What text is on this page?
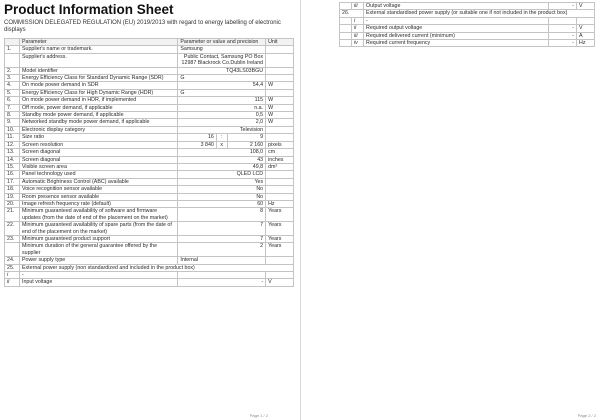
Product Information Sheet
COMMISSION DELEGATED REGULATION (EU) 2019/2013 with regard to energy labelling of electronic displays
	Parameter	Parameter or value and precision			Unit
1.	Supplier's name or trademark.	Samsung			
	Supplier's address.	Public Contact, Samsung PO Box 12987 Blackrock Co.Dublin Ireland			
2.	Model identifier	TQ43LS03BGU			
3.	Energy Efficiency Class for Standard Dynamic Range (SDR)	G			
4.	On mode power demand in SDR	54,4			W
5.	Energy Efficiency Class for High Dynamic Range (HDR)	G			
6.	On mode power demand in HDR, if implemented	115			W
7.	Off mode, power demand, if applicable	n.a.			W
8.	Standby mode power demand, if applicable	0,5			W
9.	Networked standby mode power demand, if applicable	2,0			W
10.	Electronic display category	Television			
11.	Size ratio	16	:	9	
12.	Screen resolution	3 840	x	2 160	pixels
13.	Screen diagonal	108,0			cm
14.	Screen diagonal	43			inches
15.	Visible screen area	49,8			dm²
16.	Panel technology used	QLED LCD			
17.	Automatic Brightness Control (ABC) available	Yes			
18.	Voice recognition sensor available	No			
19.	Room presence sensor available	No			
20.	Image refresh frequency rate (default)	60			Hz
21.	Minimum guaranteed availability of software and firmware updates (from the date of end of the placement on the market)	8			Years
22.	Minimum guaranteed availability of spare parts (from the date of end of the placement on the market)	7			Years
23.	Minimum guaranteed product support	7			Years
	Minimum duration of the general guarantee offered by the supplier	2			Years
24.	Power supply type	Internal			
25.	External power supply (non standardized and included in the product box)				
i	-				
ii	Input voltage	-			V
Page 1 / 2
	iii	Output voltage	-	V
26.		External standardised power supply (or suitable one if not included in the product box)		
	i	-		
	ii	Required output voltage	-	V
	iii	Required delivered current (minimum)	-	A
	iv	Required current frequency	-	Hz
Page 2 / 2
